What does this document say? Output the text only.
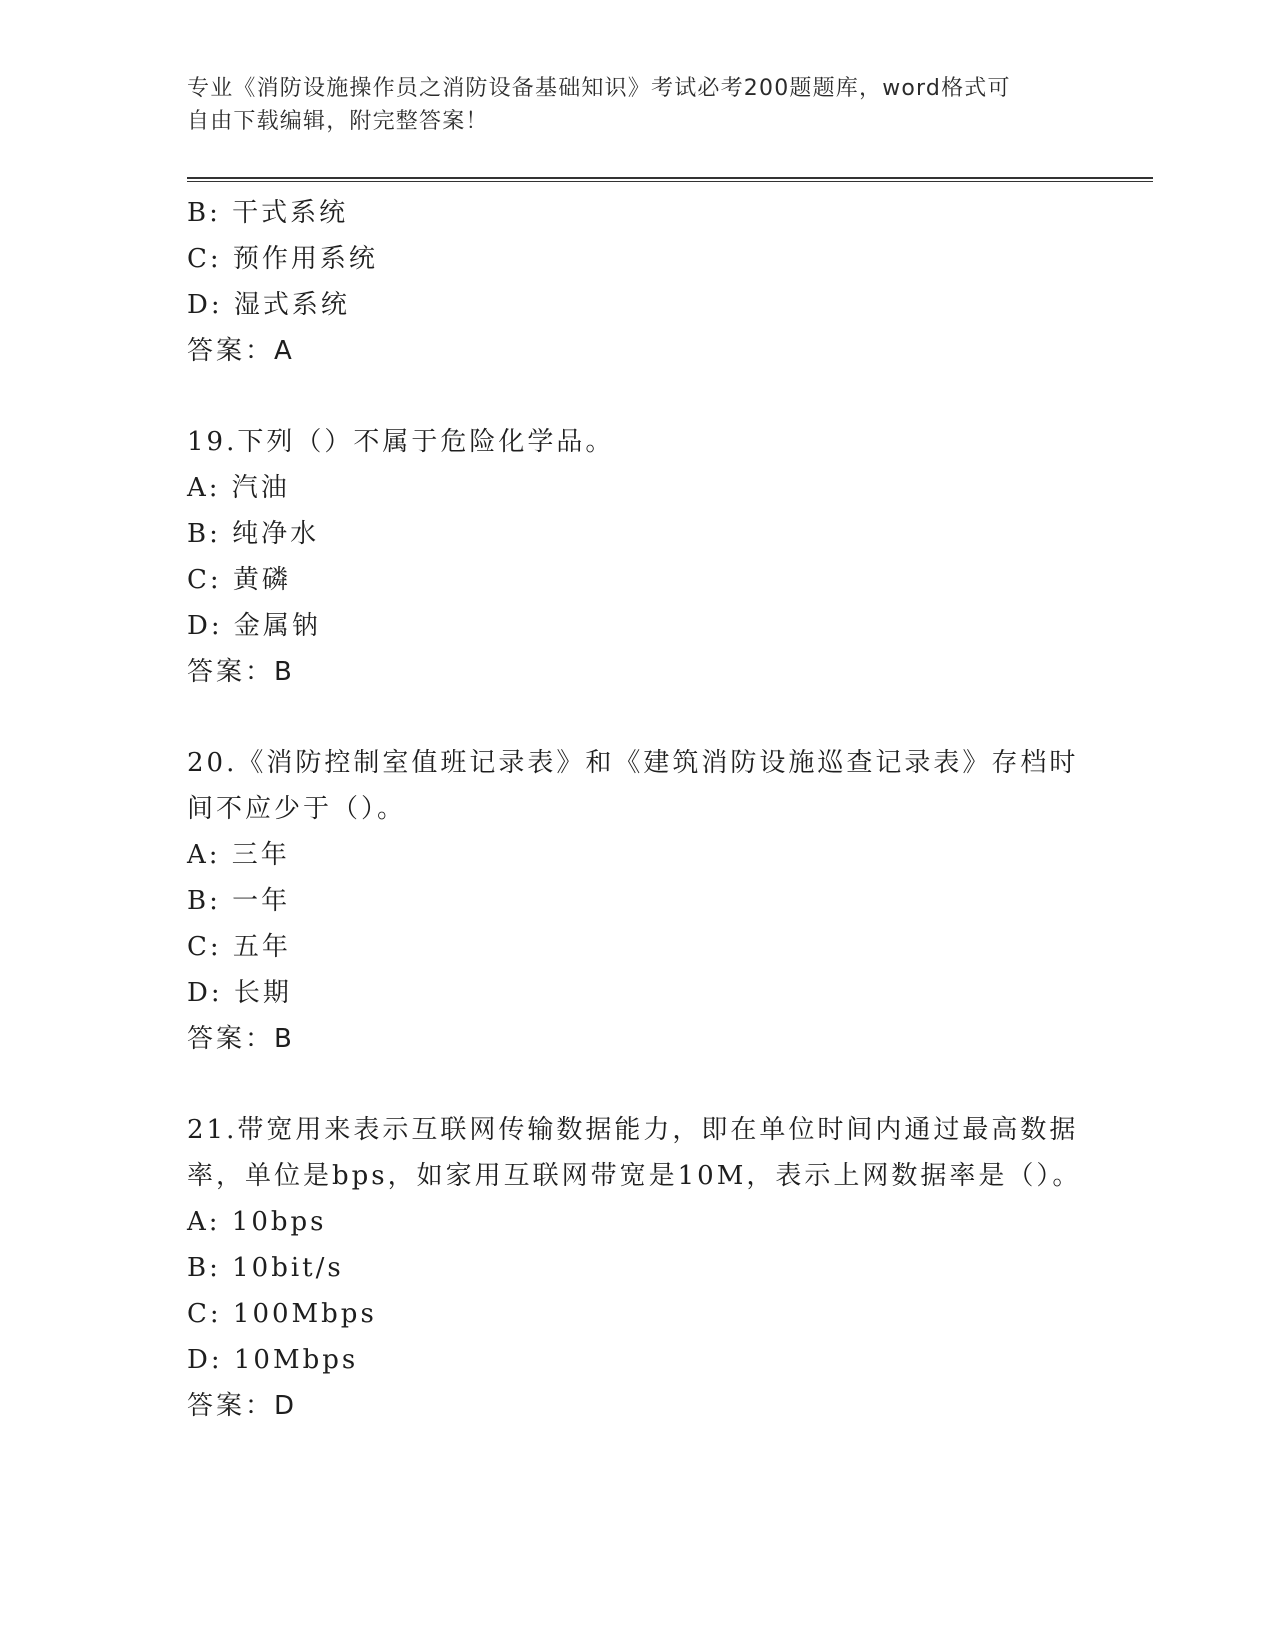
专业《消防设施操作员之消防设备基础知识》考试必考200题题库，word格式可
自由下载编辑，附完整答案！
B: 干式系统
C: 预作用系统
D: 湿式系统
答案：A
19.下列（）不属于危险化学品。
A: 汽油
B: 纯净水
C: 黄磷
D: 金属钠
答案：B
20.《消防控制室值班记录表》和《建筑消防设施巡查记录表》存档时
间不应少于（）。
A: 三年
B: 一年
C: 五年
D: 长期
答案：B
21.带宽用来表示互联网传输数据能力，即在单位时间内通过最高数据
率，单位是bps，如家用互联网带宽是10M，表示上网数据率是（）。
A: 10bps
B: 10bit/s
C: 100Mbps
D: 10Mbps
答案：D
